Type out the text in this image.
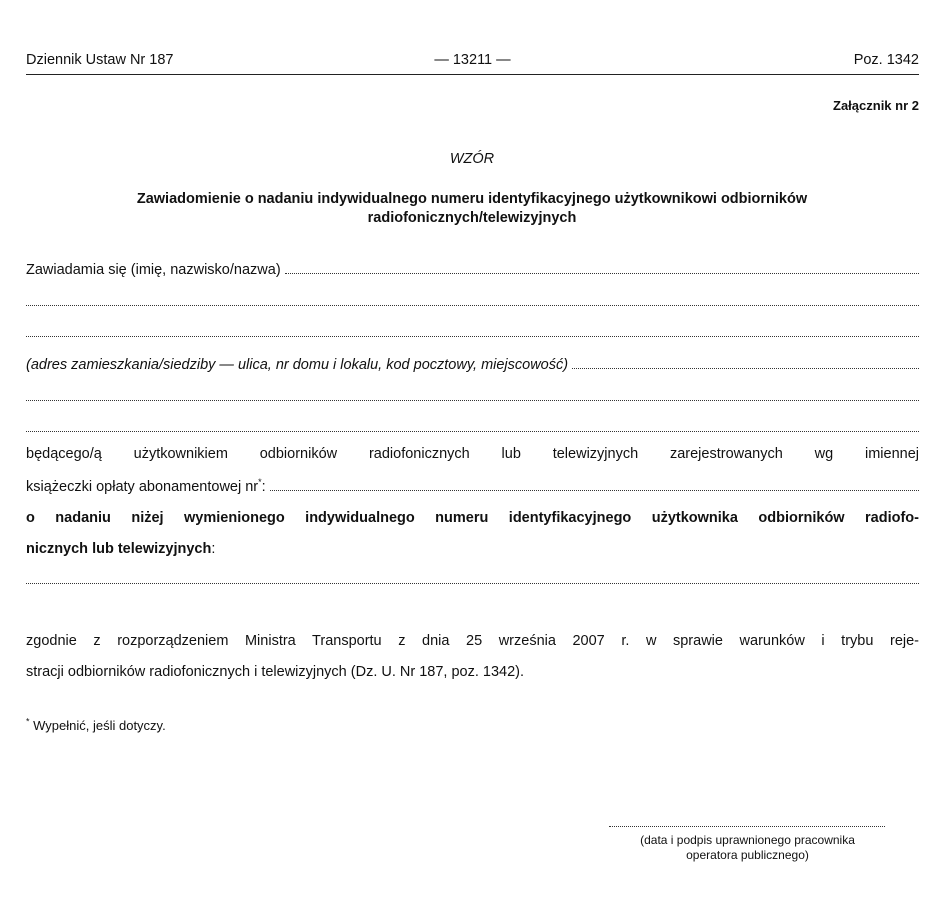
Dziennik Ustaw Nr 187	— 13211 —	Poz. 1342
Załącznik nr 2
WZÓR
Zawiadomienie o nadaniu indywidualnego numeru identyfikacyjnego użytkownikowi odbiorników radiofonicznych/telewizyjnych
Zawiadamia się (imię, nazwisko/nazwa)
(adres zamieszkania/siedziby — ulica, nr domu i lokalu, kod pocztowy, miejscowość)
będącego/ą użytkownikiem odbiorników radiofonicznych lub telewizyjnych zarejestrowanych wg imiennej
książeczki opłaty abonamentowej nr*:
o nadaniu niżej wymienionego indywidualnego numeru identyfikacyjnego użytkownika odbiorników radiofo-
nicznych lub telewizyjnych:
zgodnie z rozporządzeniem Ministra Transportu z dnia 25 września 2007 r. w sprawie warunków i trybu reje-
stracji odbiorników radiofonicznych i telewizyjnych (Dz. U. Nr 187, poz. 1342).
* Wypełnić, jeśli dotyczy.
(data i podpis uprawnionego pracownika
operatora publicznego)
